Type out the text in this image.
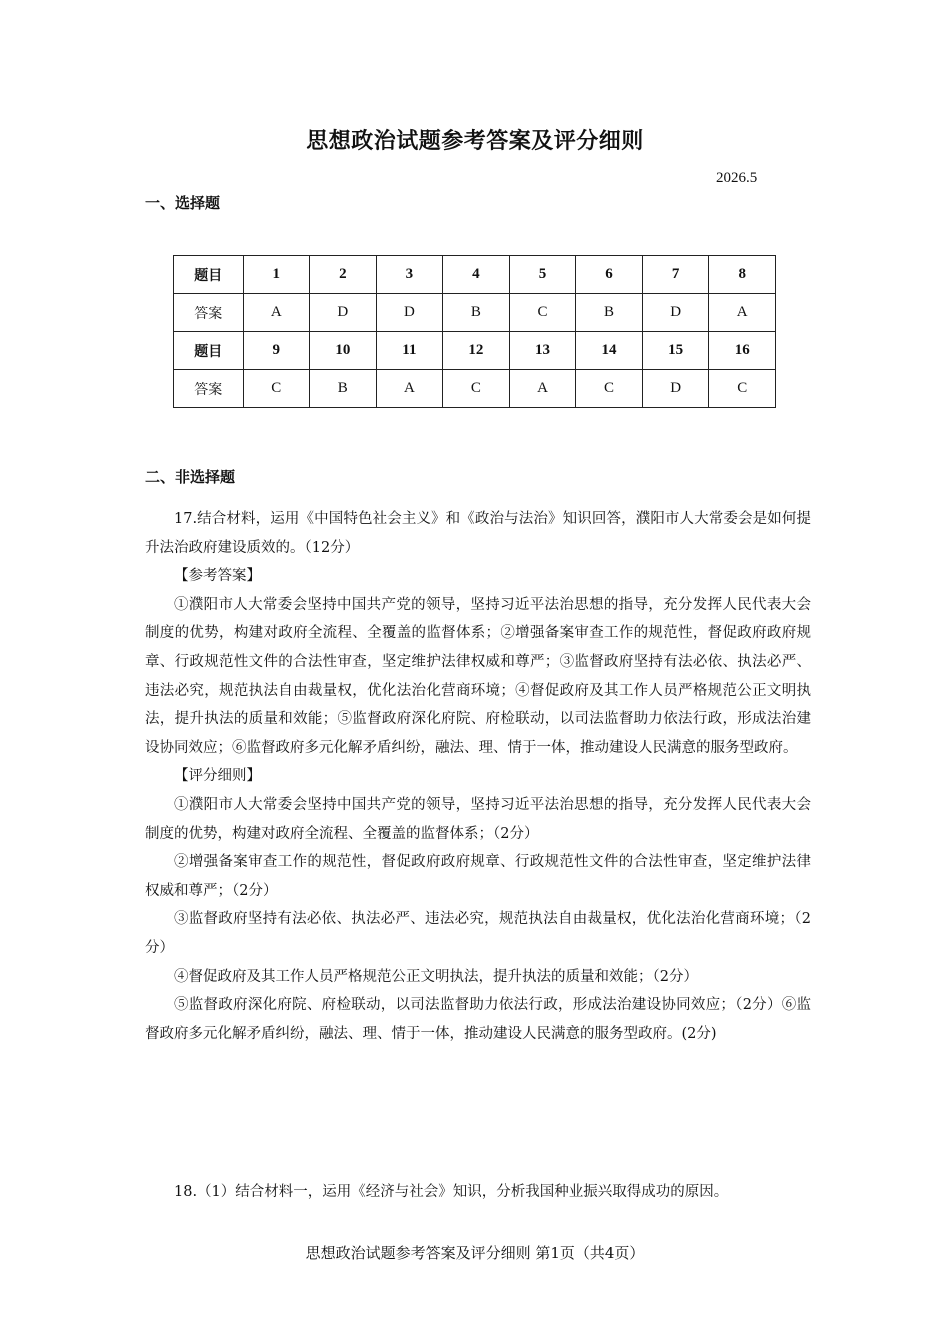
思想政治试题参考答案及评分细则
2026.5
一、选择题
题目	1	2	3	4	5	6	7	8
答案	A	D	D	B	C	B	D	A
题目	9	10	11	12	13	14	15	16
答案	C	B	A	C	A	C	D	C
二、非选择题

17.结合材料，运用《中国特色社会主义》和《政治与法治》知识回答，濮阳市人大常委会是如何提升法治政府建设质效的。（12分）

【参考答案】

①濮阳市人大常委会坚持中国共产党的领导，坚持习近平法治思想的指导，充分发挥人民代表大会制度的优势，构建对政府全流程、全覆盖的监督体系；②增强备案审查工作的规范性，督促政府政府规章、行政规范性文件的合法性审查，坚定维护法律权威和尊严；③监督政府坚持有法必依、执法必严、违法必究，规范执法自由裁量权，优化法治化营商环境；④督促政府及其工作人员严格规范公正文明执法，提升执法的质量和效能；⑤监督政府深化府院、府检联动，以司法监督助力依法行政，形成法治建设协同效应；⑥监督政府多元化解矛盾纠纷，融法、理、情于一体，推动建设人民满意的服务型政府。

【评分细则】

①濮阳市人大常委会坚持中国共产党的领导，坚持习近平法治思想的指导，充分发挥人民代表大会制度的优势，构建对政府全流程、全覆盖的监督体系；（2分）

②增强备案审查工作的规范性，督促政府政府规章、行政规范性文件的合法性审查，坚定维护法律权威和尊严；（2分）

③监督政府坚持有法必依、执法必严、违法必究，规范执法自由裁量权，优化法治化营商环境；（2分）

④督促政府及其工作人员严格规范公正文明执法，提升执法的质量和效能；（2分）

⑤监督政府深化府院、府检联动，以司法监督助力依法行政，形成法治建设协同效应；（2分）⑥监督政府多元化解矛盾纠纷，融法、理、情于一体，推动建设人民满意的服务型政府。(2分)

18.（1）结合材料一，运用《经济与社会》知识，分析我国种业振兴取得成功的原因。

思想政治试题参考答案及评分细则 第1页（共4页）
